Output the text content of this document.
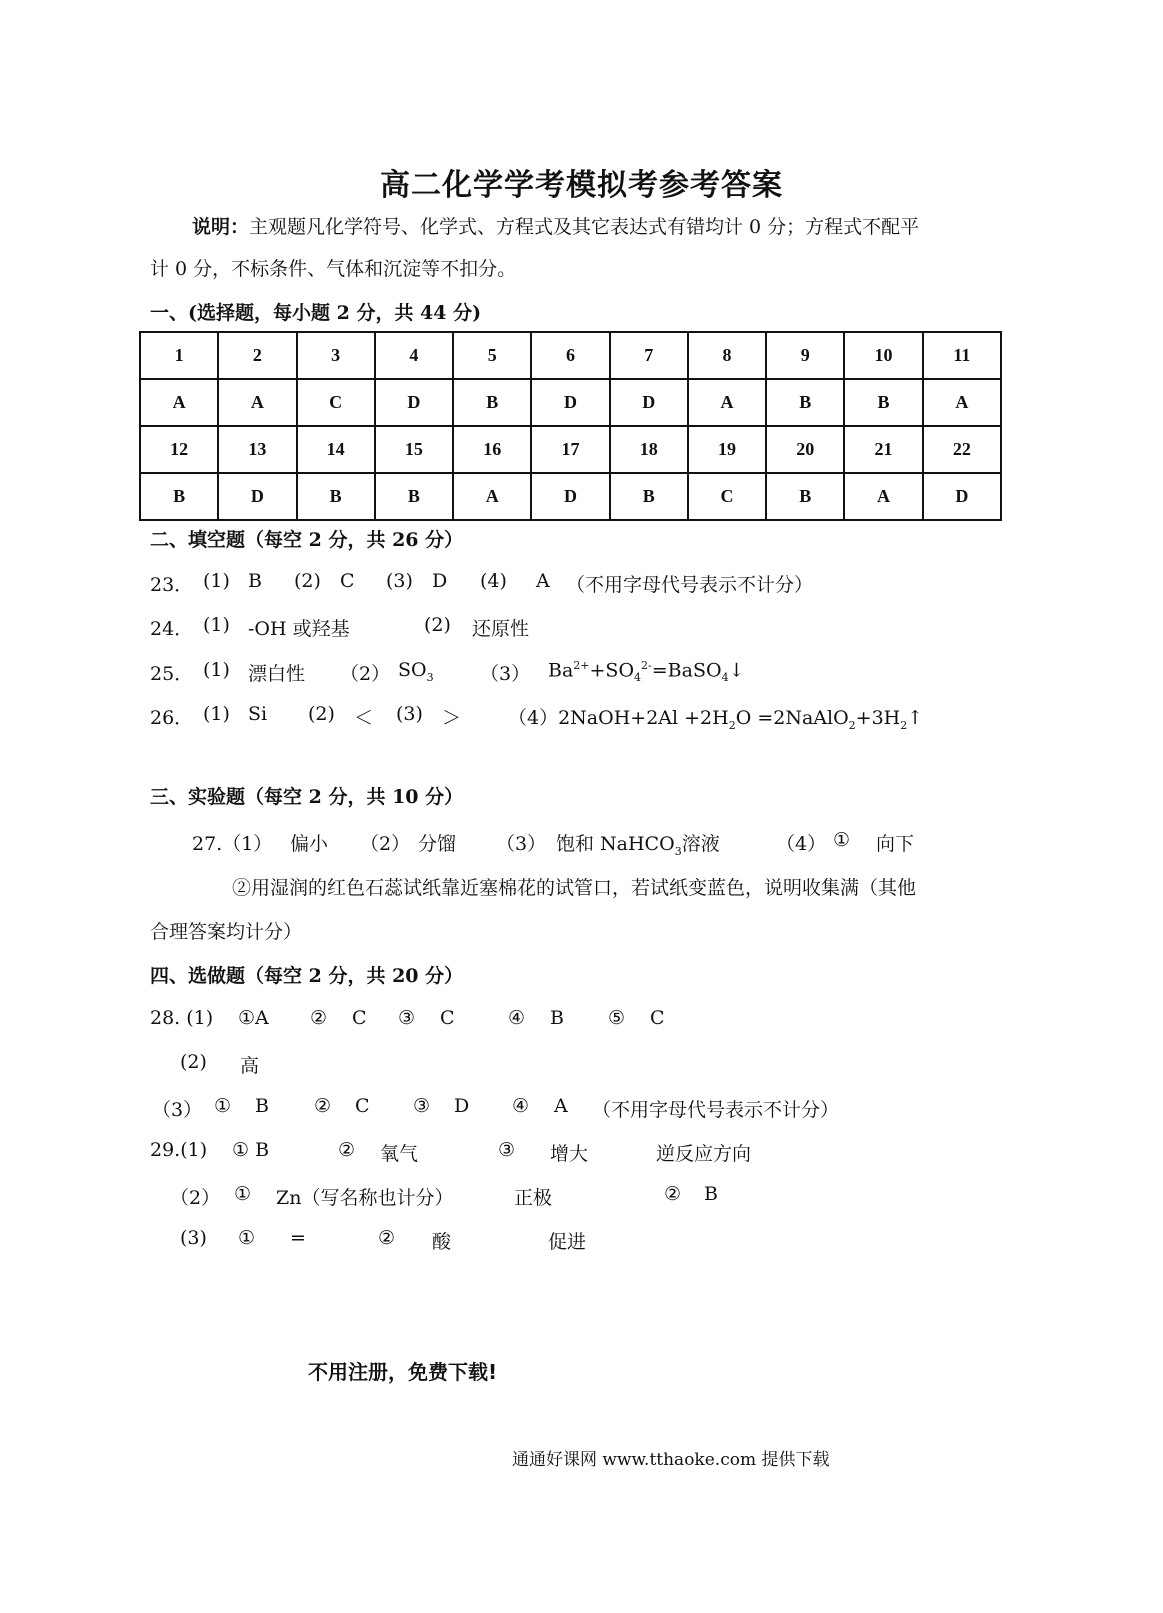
高二化学学考模拟考参考答案
说明：主观题凡化学符号、化学式、方程式及其它表达式有错均计 0 分；方程式不配平
计 0 分，不标条件、气体和沉淀等不扣分。
一、(选择题，每小题 2 分，共 44 分)
1	2	3	4	5	6	7	8	9	10	11
A	A	C	D	B	D	D	A	B	B	A
12	13	14	15	16	17	18	19	20	21	22
B	D	B	B	A	D	B	C	B	A	D
二、填空题（每空 2 分，共 26 分）
23． (1) B (2) C (3) D (4) A （不用字母代号表示不计分）
24． (1) -OH 或羟基	(2) 还原性
25． (1) 漂白性 （2） $SO_3$ （3） $Ba^{2+}+SO_4^{2-}=BaSO_4↓$
26． (1) Si (2) ＜ (3) ＞ （4）2NaOH+2Al $+2H_2O$ $=2NaAlO_2+3H_2↑$
三、实验题（每空 2 分，共 10 分）
27.（1） 偏小 （2） 分馏 （3） 饱和 NaHCO$_3$溶液	（4） ① 向下
②用湿润的红色石蕊试纸靠近塞棉花的试管口，若试纸变蓝色，说明收集满（其他
合理答案均计分）
四、选做题（每空 2 分，共 20 分）
28. (1) ①A ② C ③ C	④ B ⑤ C
(2) 高
（3） ① B ② C ③ D ④ A （不用字母代号表示不计分）
29.(1) ① B	② 氧气	③ 增大	逆反应方向
（2） ① Zn（写名称也计分）	正极	② B
(3) ① =	② 酸	促进
不用注册，免费下载!
通通好课网 www.tthaoke.com 提供下载
